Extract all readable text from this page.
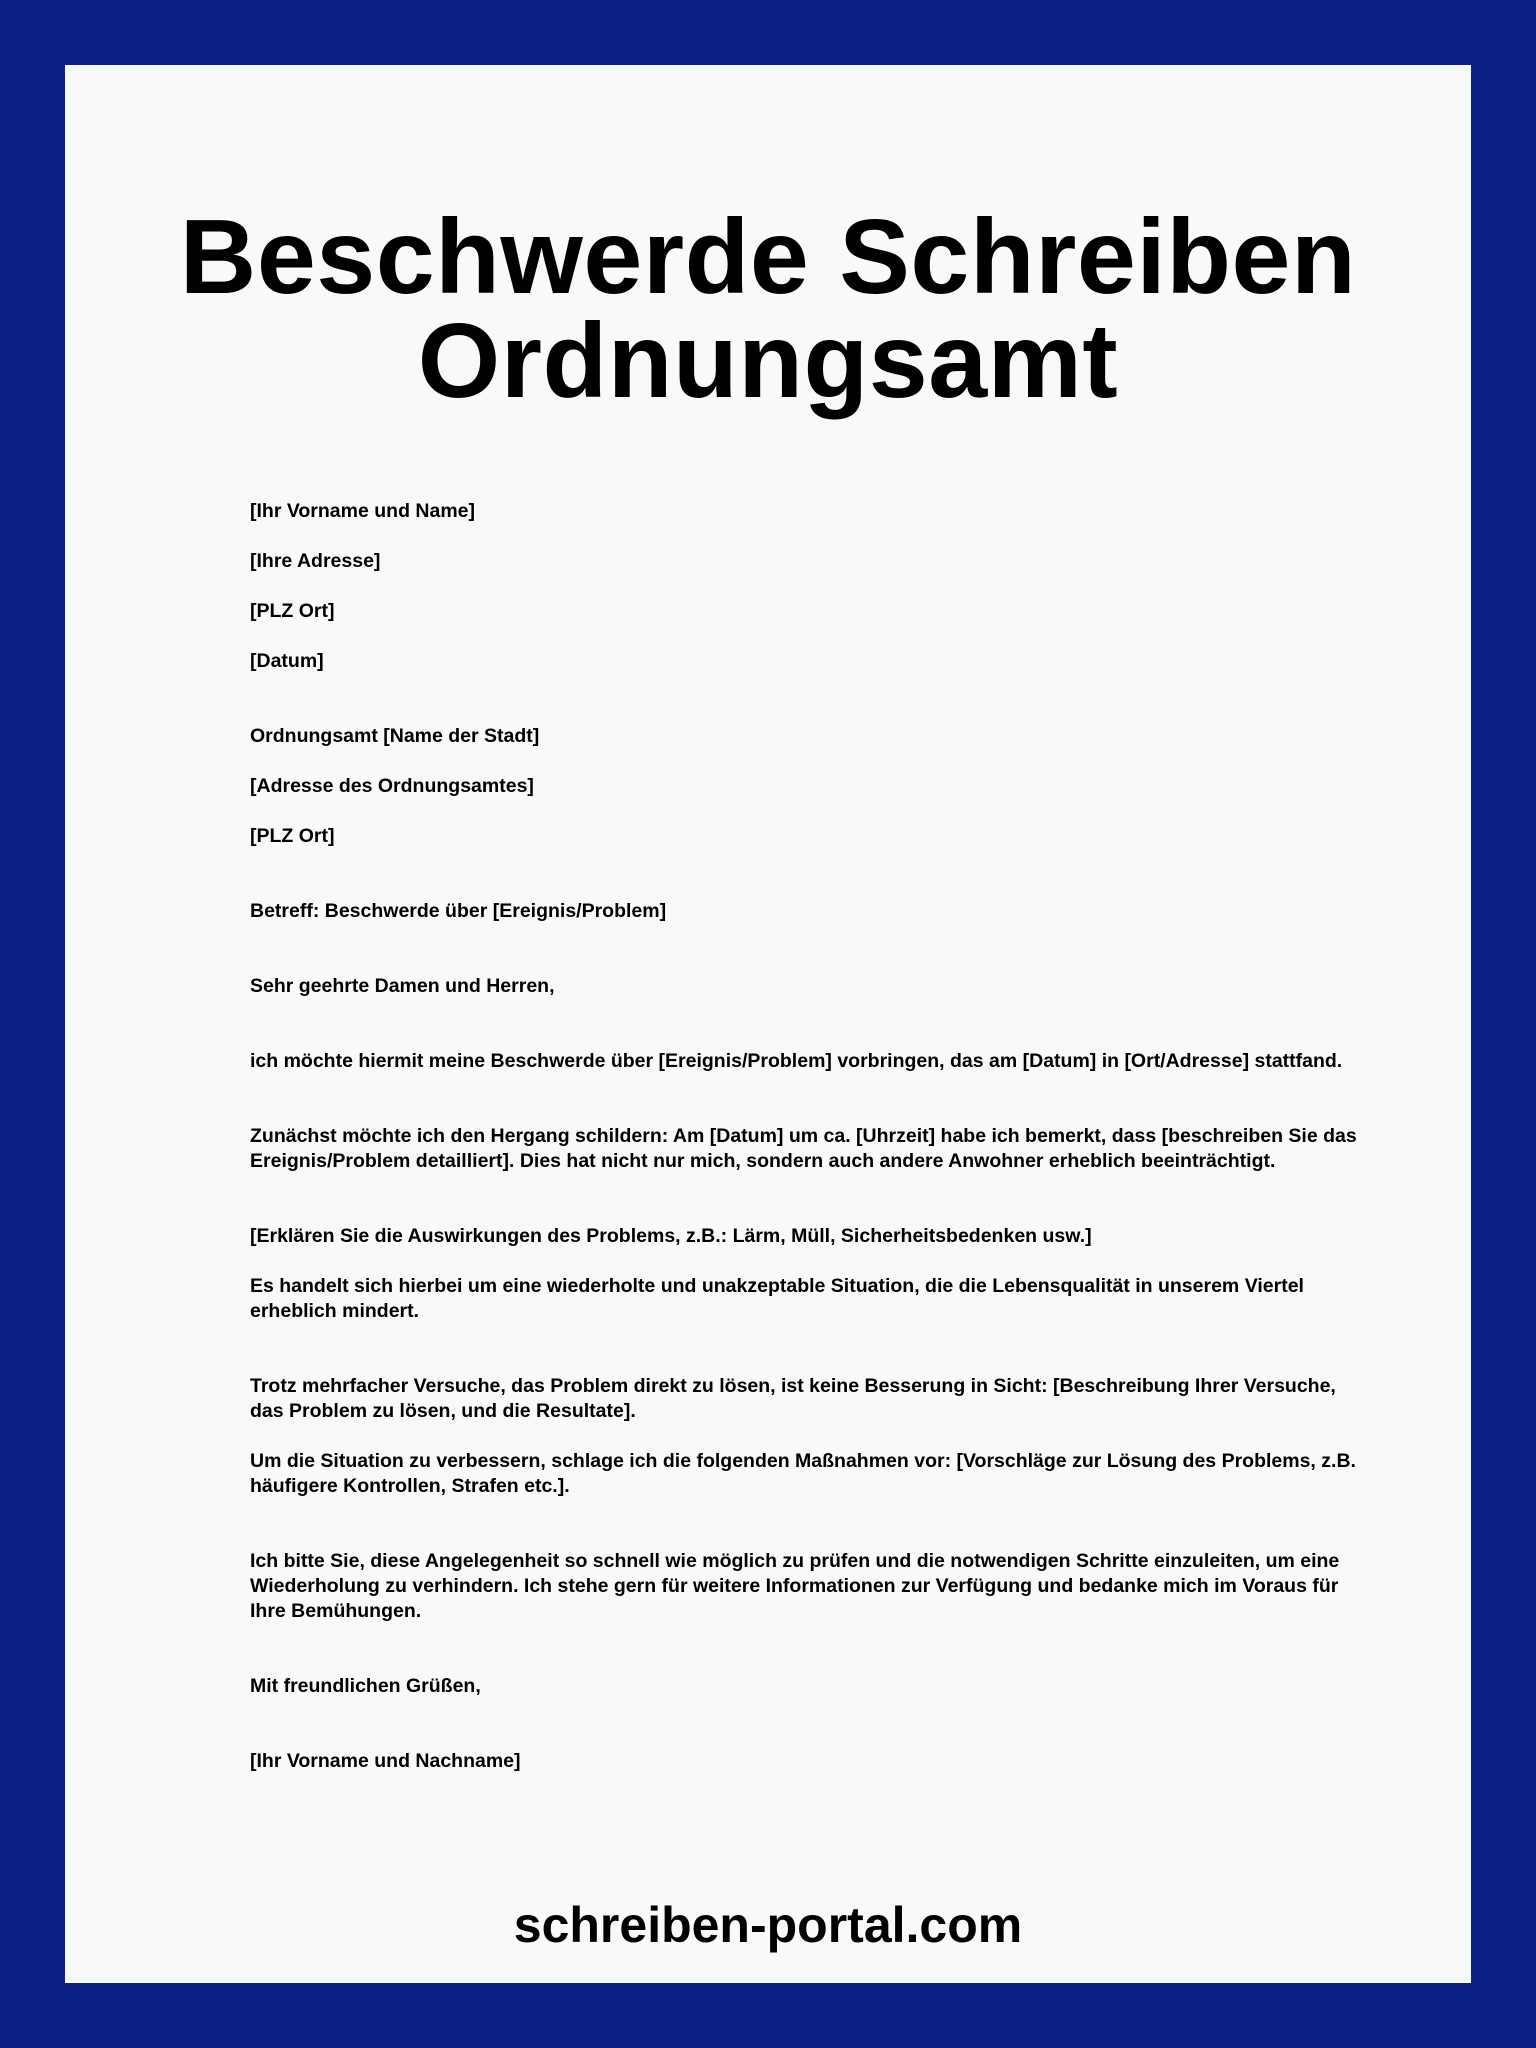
Beschwerde Schreiben
Ordnungsamt

[Ihr Vorname und Name]

[Ihre Adresse]

[PLZ Ort]

[Datum]

Ordnungsamt [Name der Stadt]

[Adresse des Ordnungsamtes]

[PLZ Ort]

Betreff: Beschwerde über [Ereignis/Problem]

Sehr geehrte Damen und Herren,

ich möchte hiermit meine Beschwerde über [Ereignis/Problem] vorbringen, das am [Datum] in [Ort/Adresse] stattfand.

Zunächst möchte ich den Hergang schildern: Am [Datum] um ca. [Uhrzeit] habe ich bemerkt, dass [beschreiben Sie das Ereignis/Problem detailliert]. Dies hat nicht nur mich, sondern auch andere Anwohner erheblich beeinträchtigt.

[Erklären Sie die Auswirkungen des Problems, z.B.: Lärm, Müll, Sicherheitsbedenken usw.]

Es handelt sich hierbei um eine wiederholte und unakzeptable Situation, die die Lebensqualität in unserem Viertel erheblich mindert.

Trotz mehrfacher Versuche, das Problem direkt zu lösen, ist keine Besserung in Sicht: [Beschreibung Ihrer Versuche, das Problem zu lösen, und die Resultate].

Um die Situation zu verbessern, schlage ich die folgenden Maßnahmen vor: [Vorschläge zur Lösung des Problems, z.B. häufigere Kontrollen, Strafen etc.].

Ich bitte Sie, diese Angelegenheit so schnell wie möglich zu prüfen und die notwendigen Schritte einzuleiten, um eine Wiederholung zu verhindern. Ich stehe gern für weitere Informationen zur Verfügung und bedanke mich im Voraus für Ihre Bemühungen.

Mit freundlichen Grüßen,

[Ihr Vorname und Nachname]

schreiben-portal.com
